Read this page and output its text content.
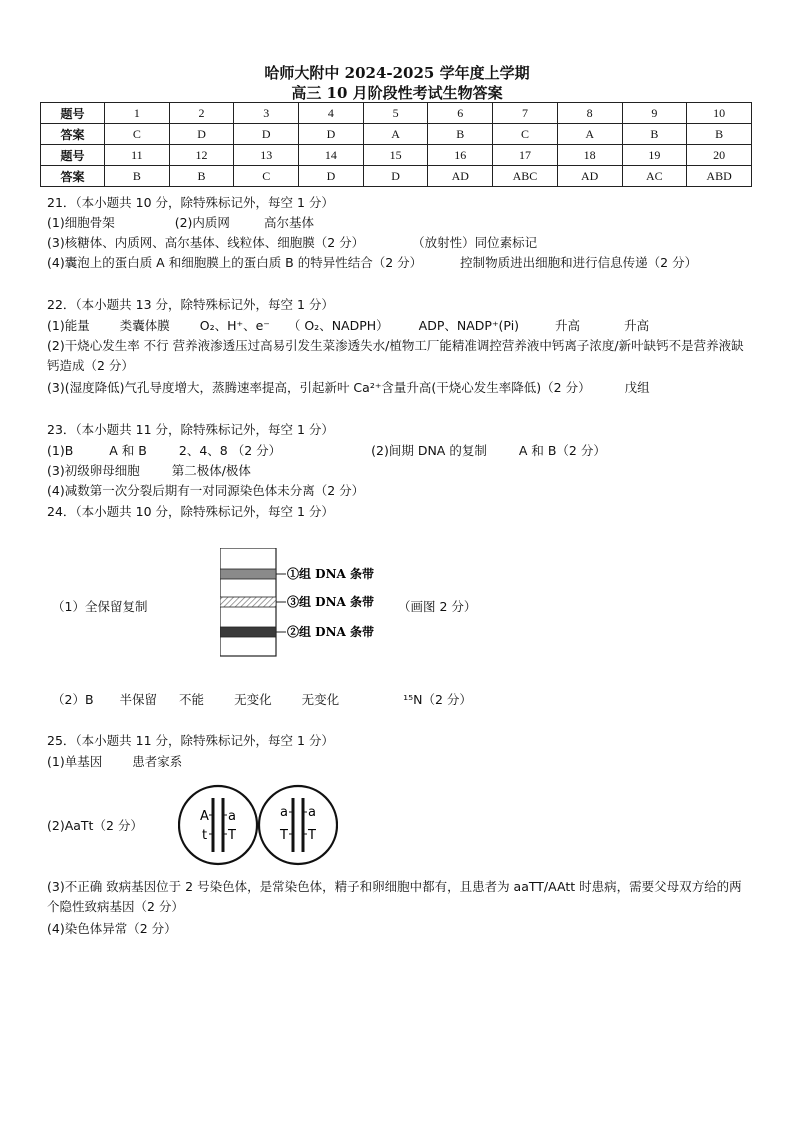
哈师大附中 2024-2025 学年度上学期
高三 10 月阶段性考试生物答案
题号	1	2	3	4	5	6	7	8	9	10
答案	C	D	D	D	A	B	C	A	B	B
题号	11	12	13	14	15	16	17	18	19	20
答案	B	B	C	D	D	AD	ABC	AD	AC	ABD
21．（本小题共 10 分，除特殊标记外，每空 1 分）
(1)细胞骨架	(2)内质网	高尔基体
(3)核糖体、内质网、高尔基体、线粒体、细胞膜（2 分）	（放射性）同位素标记
(4)囊泡上的蛋白质 A 和细胞膜上的蛋白质 B 的特异性结合（2 分）	控制物质进出细胞和进行信息传递（2 分）
22．（本小题共 13 分，除特殊标记外，每空 1 分）
(1)能量 类囊体膜 O₂、H⁺、e⁻ （ O₂、NADPH） ADP、NADP⁺(Pi)	升高	升高
(2)干烧心发生率 不行 营养液渗透压过高易引发生菜渗透失水/植物工厂能精准调控营养液中钙离子浓度/新叶缺钙不是营养液缺钙造成（2 分）
(3)(湿度降低)气孔导度增大，蒸腾速率提高，引起新叶 Ca²⁺含量升高(干烧心发生率降低)（2 分）	戊组
23．（本小题共 11 分，除特殊标记外，每空 1 分）
(1)B	A 和 B	2、4、8 （2 分）	(2)间期 DNA 的复制	A 和 B（2 分）
(3)初级卵母细胞	第二极体/极体
(4)减数第一次分裂后期有一对同源染色体未分离（2 分）
24．（本小题共 10 分，除特殊标记外，每空 1 分）
（1）全保留复制	（画图 2 分）
①组 DNA 条带
③组 DNA 条带
②组 DNA 条带
（2）B 半保留 不能 无变化 无变化	¹⁵N（2 分）
25．（本小题共 11 分，除特殊标记外，每空 1 分）
(1)单基因 患者家系
(2)AaTt（2 分）
A a
t T
a a
T T
(3)不正确 致病基因位于 2 号染色体，是常染色体，精子和卵细胞中都有，且患者为 aaTT/AAtt 时患病，需要父母双方给的两个隐性致病基因（2 分）
(4)染色体异常（2 分）
